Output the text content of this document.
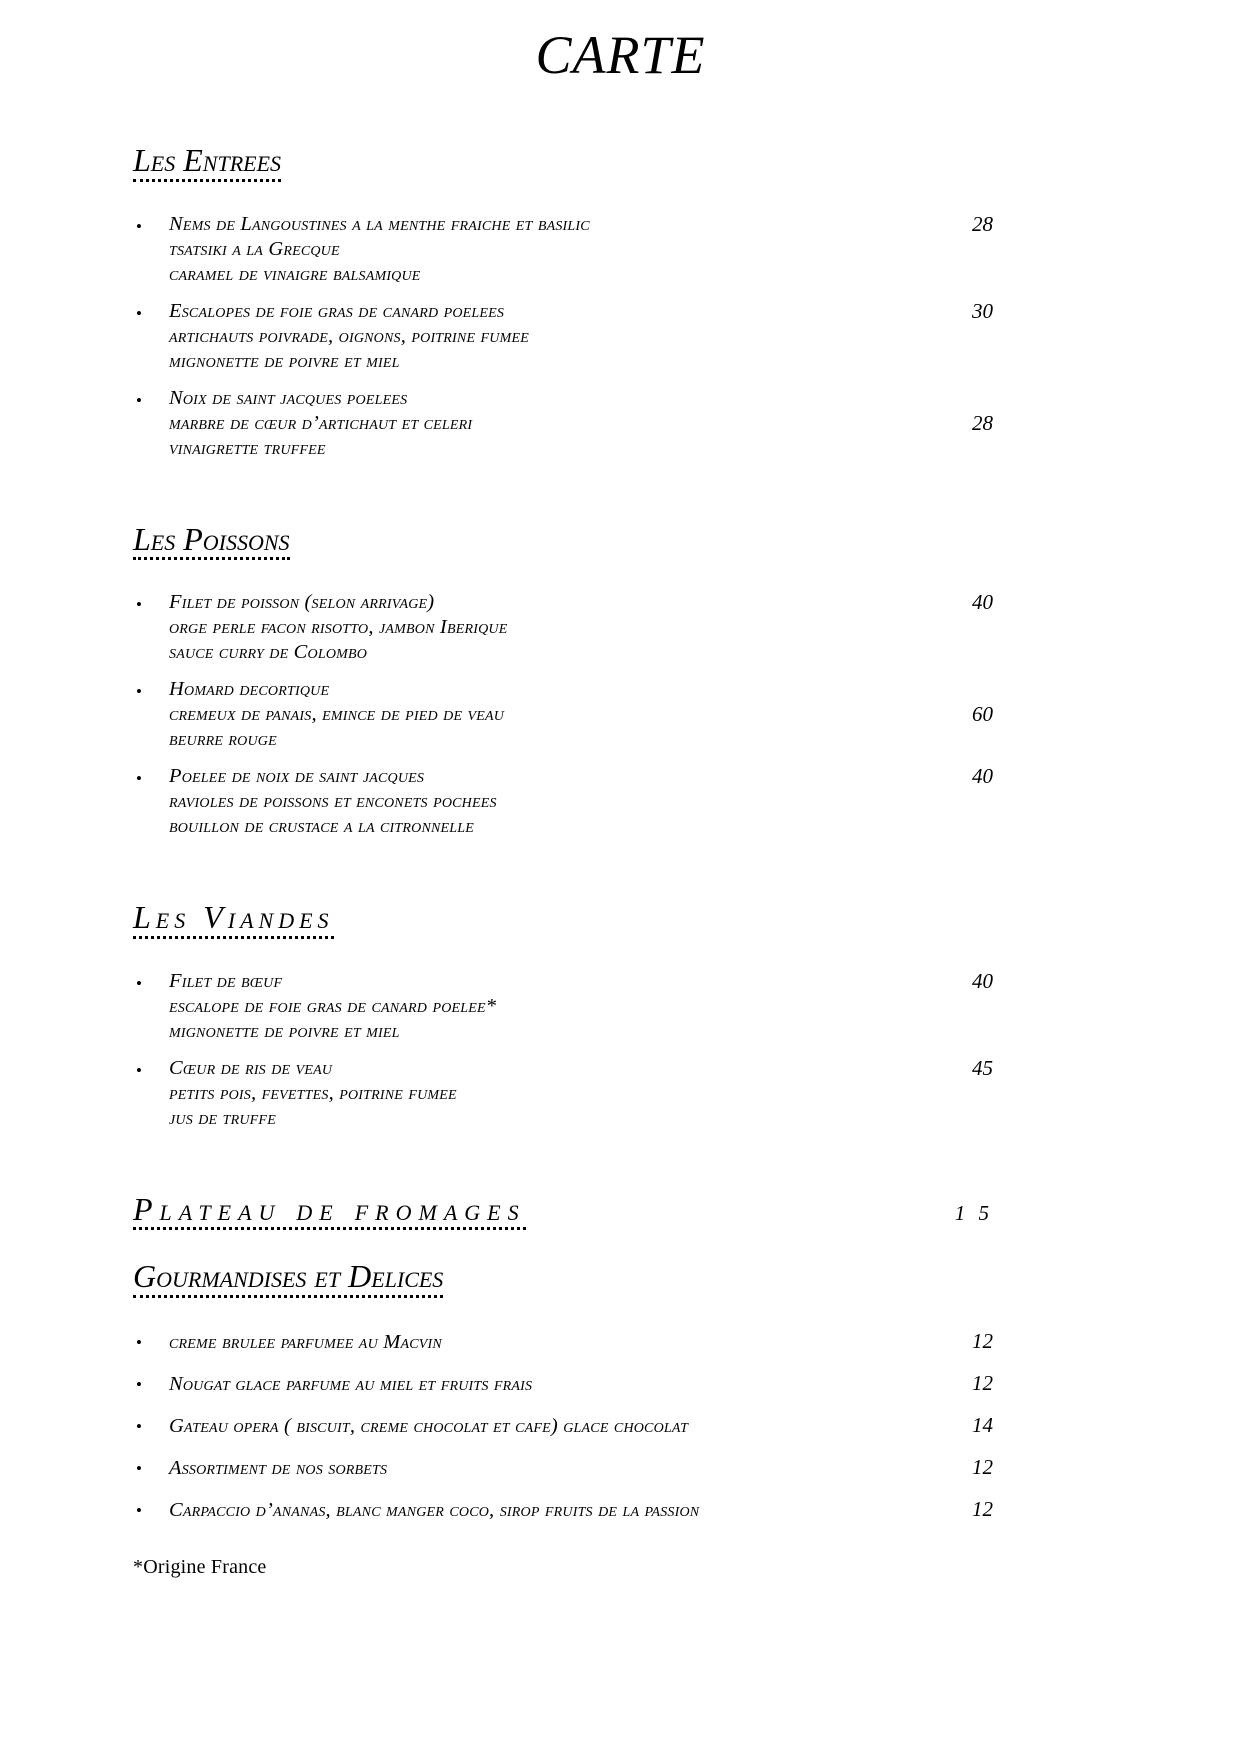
CARTE
Les Entrees
•	Nems de Langoustines a la menthe fraiche et basilic
tsatsiki a la Grecque
caramel de vinaigre balsamique
28
•	Escalopes de foie gras de canard poelees
artichauts poivrade, oignons, poitrine fumee
mignonette de poivre et miel
30
•	Noix de saint jacques poelees
marbre de cœur d’artichaut et celeri
vinaigrette truffee
28
Les Poissons
•	Filet de poisson (selon arrivage)
orge perle facon risotto, jambon Iberique
sauce curry de Colombo
40
•	Homard decortique
cremeux de panais, emince de pied de veau
beurre rouge
60
•	Poelee de noix de saint jacques
ravioles de poissons et enconets pochees
bouillon de crustace a la citronnelle
40
Les Viandes
•	Filet de bœuf
escalope de foie gras de canard poelee*
mignonette de poivre et miel
40
•	Cœur de ris de veau
petits pois, fevettes, poitrine fumee
jus de truffe
45
Plateau de fromages	1 5
Gourmandises et Delices
•	creme brulee parfumee au Macvin	12
•	Nougat glace parfume au miel et fruits frais	12
•	Gateau opera ( biscuit, creme chocolat et cafe) glace chocolat	14
•	Assortiment de nos sorbets	12
•	Carpaccio d’ananas, blanc manger coco, sirop fruits de la passion	12
*Origine France
